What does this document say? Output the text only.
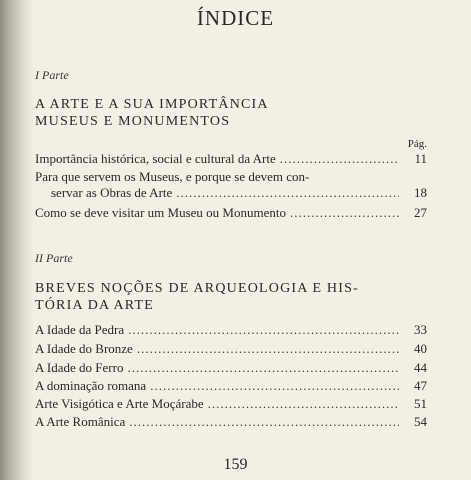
ÍNDICE
I Parte
A ARTE E A SUA IMPORTÂNCIA
MUSEUS E MONUMENTOS
Pág.
Importância histórica, social e cultural da Arte .....	11
Para que servem os Museus, e porque se devem con-
servar as Obras de Arte .....	18
Como se deve visitar um Museu ou Monumento .....	27
II Parte
BREVES NOÇÕES DE ARQUEOLOGIA E HIS-
TÓRIA DA ARTE
A Idade da Pedra .....	33
A Idade do Bronze .....	40
A Idade do Ferro .....	44
A dominação romana .....	47
Arte Visigótica e Arte Moçárabe .....	51
A Arte Românica .....	54
159
